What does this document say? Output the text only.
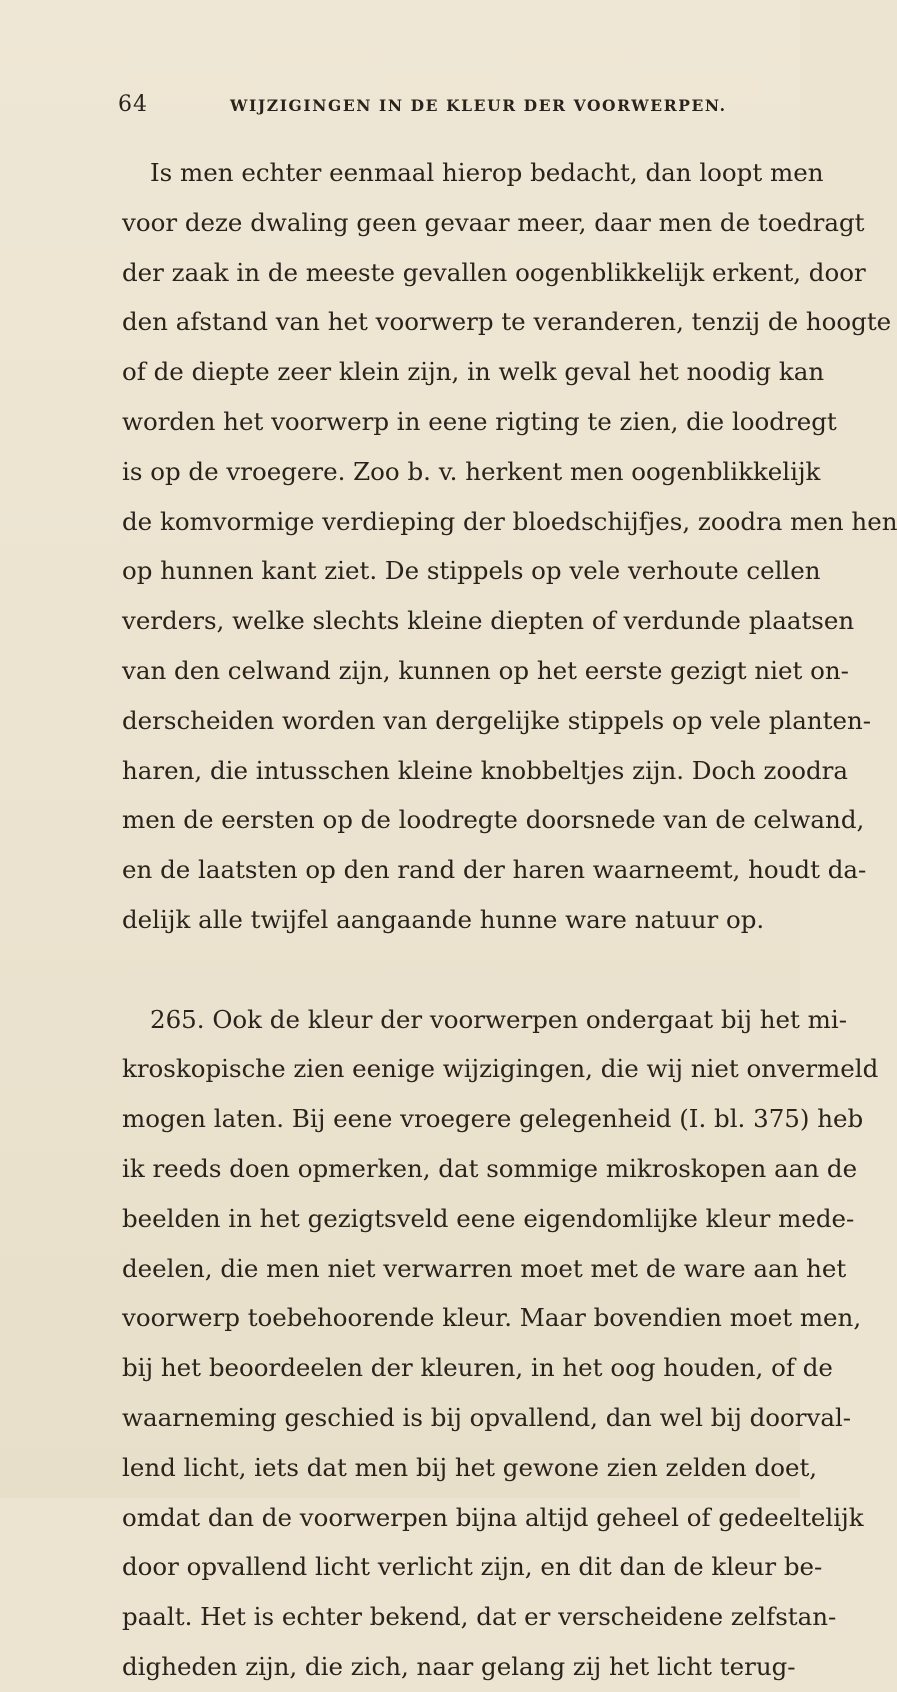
64	WIJZIGINGEN IN DE KLEUR DER VOORWERPEN.
Is men echter eenmaal hierop bedacht, dan loopt men
voor deze dwaling geen gevaar meer, daar men de toedragt
der zaak in de meeste gevallen oogenblikkelijk erkent, door
den afstand van het voorwerp te veranderen, tenzij de hoogte
of de diepte zeer klein zijn, in welk geval het noodig kan
worden het voorwerp in eene rigting te zien, die loodregt
is op de vroegere. Zoo b. v. herkent men oogenblikkelijk
de komvormige verdieping der bloedschijfjes, zoodra men hen
op hunnen kant ziet. De stippels op vele verhoute cellen
verders, welke slechts kleine diepten of verdunde plaatsen
van den celwand zijn, kunnen op het eerste gezigt niet on-
derscheiden worden van dergelijke stippels op vele planten-
haren, die intusschen kleine knobbeltjes zijn. Doch zoodra
men de eersten op de loodregte doorsnede van de celwand,
en de laatsten op den rand der haren waarneemt, houdt da-
delijk alle twijfel aangaande hunne ware natuur op.
265. Ook de kleur der voorwerpen ondergaat bij het mi-
kroskopische zien eenige wijzigingen, die wij niet onvermeld
mogen laten. Bij eene vroegere gelegenheid (I. bl. 375) heb
ik reeds doen opmerken, dat sommige mikroskopen aan de
beelden in het gezigtsveld eene eigendomlijke kleur mede-
deelen, die men niet verwarren moet met de ware aan het
voorwerp toebehoorende kleur. Maar bovendien moet men,
bij het beoordeelen der kleuren, in het oog houden, of de
waarneming geschied is bij opvallend, dan wel bij doorval-
lend licht, iets dat men bij het gewone zien zelden doet,
omdat dan de voorwerpen bijna altijd geheel of gedeeltelijk
door opvallend licht verlicht zijn, en dit dan de kleur be-
paalt. Het is echter bekend, dat er verscheidene zelfstan-
digheden zijn, die zich, naar gelang zij het licht terug-
